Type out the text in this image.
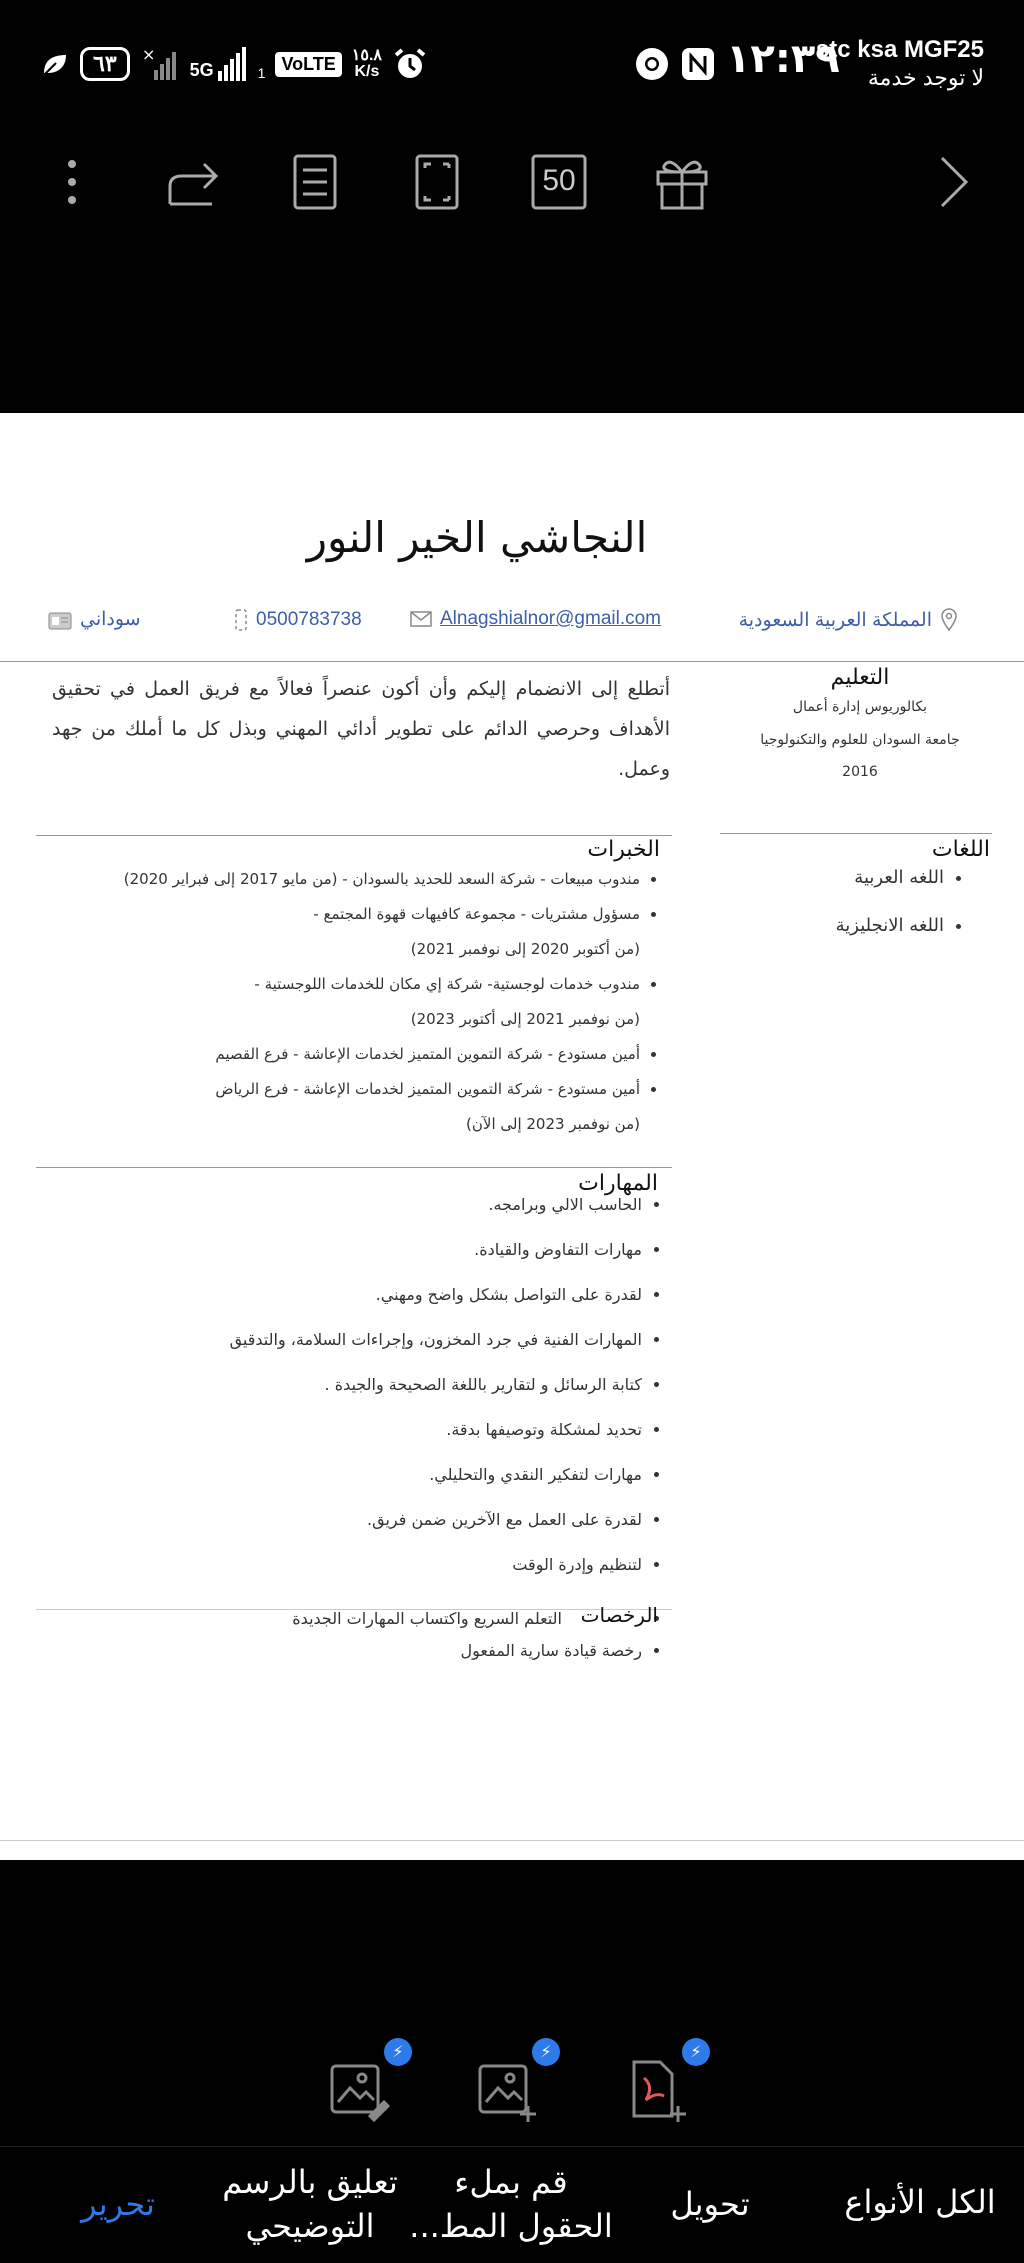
stc ksa MGF25
لا توجد خدمة
١٢:٣٩
٦٣	×
5G	1 VoLTE	١٥.٨
K/s
50
النجاشي الخير النور
المملكة العربية السعودية
Alnagshialnor@gmail.com
0500783738
سوداني
أتطلع إلى الانضمام إليكم وأن أكون عنصراً فعالاً مع فريق العمل في تحقيق الأهداف وحرصي الدائم على تطوير أدائي المهني وبذل كل ما أملك من جهد وعمل.
التعليم
بكالوريوس إدارة أعمال
جامعة السودان للعلوم والتكنولوجيا
2016
اللغات
• اللغه العربية
• اللغه الانجليزية
الخبرات
• مندوب مبيعات - شركة السعد للحديد بالسودان - (من مايو 2017 إلى فبراير 2020)
• مسؤول مشتريات - مجموعة كافيهات قهوة المجتمع -
(من أكتوبر 2020 إلى نوفمبر 2021)
• مندوب خدمات لوجستية- شركة إي مكان للخدمات اللوجستية -
(من نوفمبر 2021 إلى أكتوبر 2023)
• أمين مستودع - شركة التموين المتميز لخدمات الإعاشة - فرع القصيم
• أمين مستودع - شركة التموين المتميز لخدمات الإعاشة - فرع الرياض
(من نوفمبر 2023 إلى الآن)
المهارات
• الحاسب الالي وبرامجه.
• مهارات التفاوض والقيادة.
• لقدرة على التواصل بشكل واضح ومهني.
• المهارات الفنية في جرد المخزون، وإجراءات السلامة، والتدقيق
• كتابة الرسائل و لتقارير باللغة الصحيحة والجيدة .
• تحديد لمشكلة وتوصيفها بدقة.
• مهارات لتفكير النقدي والتحليلي.
• لقدرة على العمل مع الآخرين ضمن فريق.
• لتنظيم وإدرة الوقت
الرخصات
• التعلم السريع واكتساب المهارات الجديدة
• رخصة قيادة سارية المفعول
⚡	⚡	⚡
الكل الأنواع
تحويل
قم بملء
الحقول المط...
تعليق بالرسم
التوضيحي
تحرير
